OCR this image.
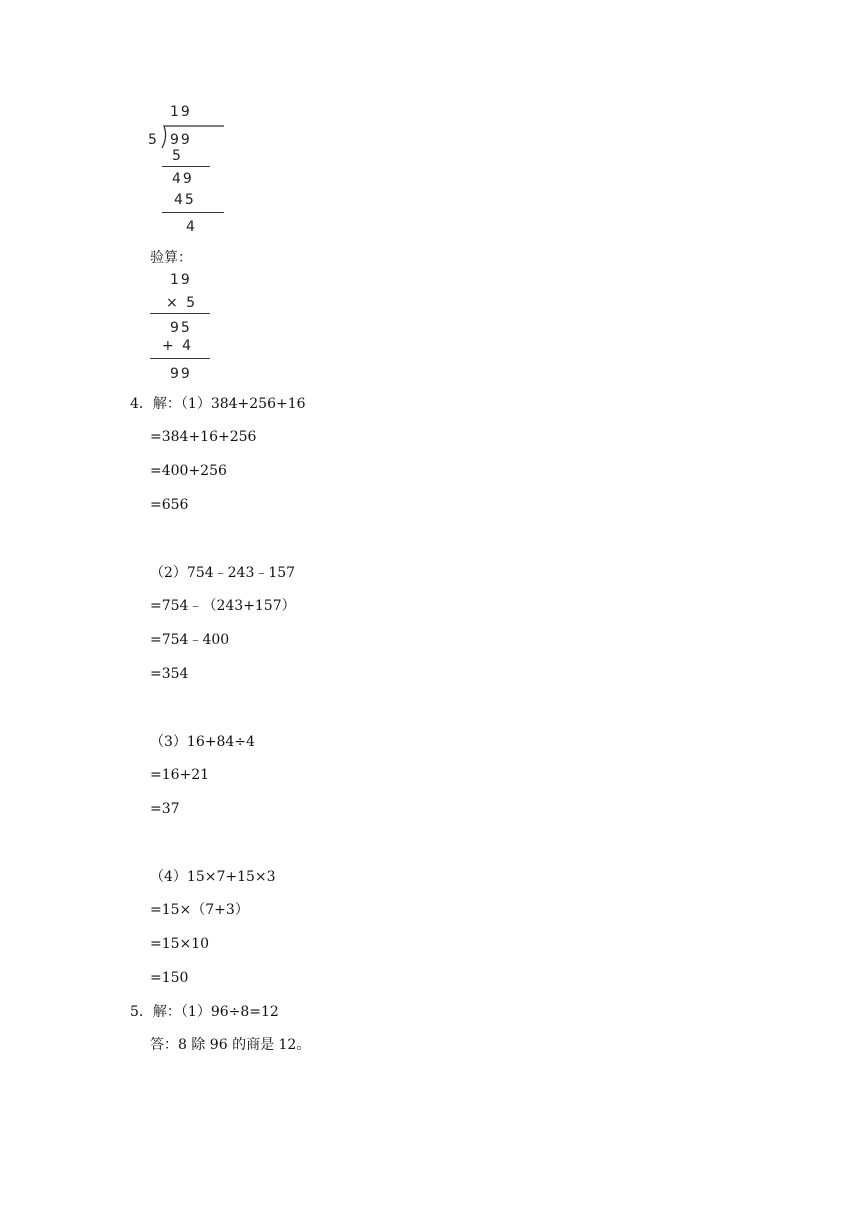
19
5 99
5
49
45
4
验算：
19
× 5
95
+ 4
99
4．解：（1）384+256+16
=384+16+256
=400+256
=656
（2）754﹣243﹣157
=754﹣（243+157）
=754﹣400
=354
（3）16+84÷4
=16+21
=37
（4）15×7+15×3
=15×（7+3）
=15×10
=150
5．解：（1）96÷8=12
答：8 除 96 的商是 12。
